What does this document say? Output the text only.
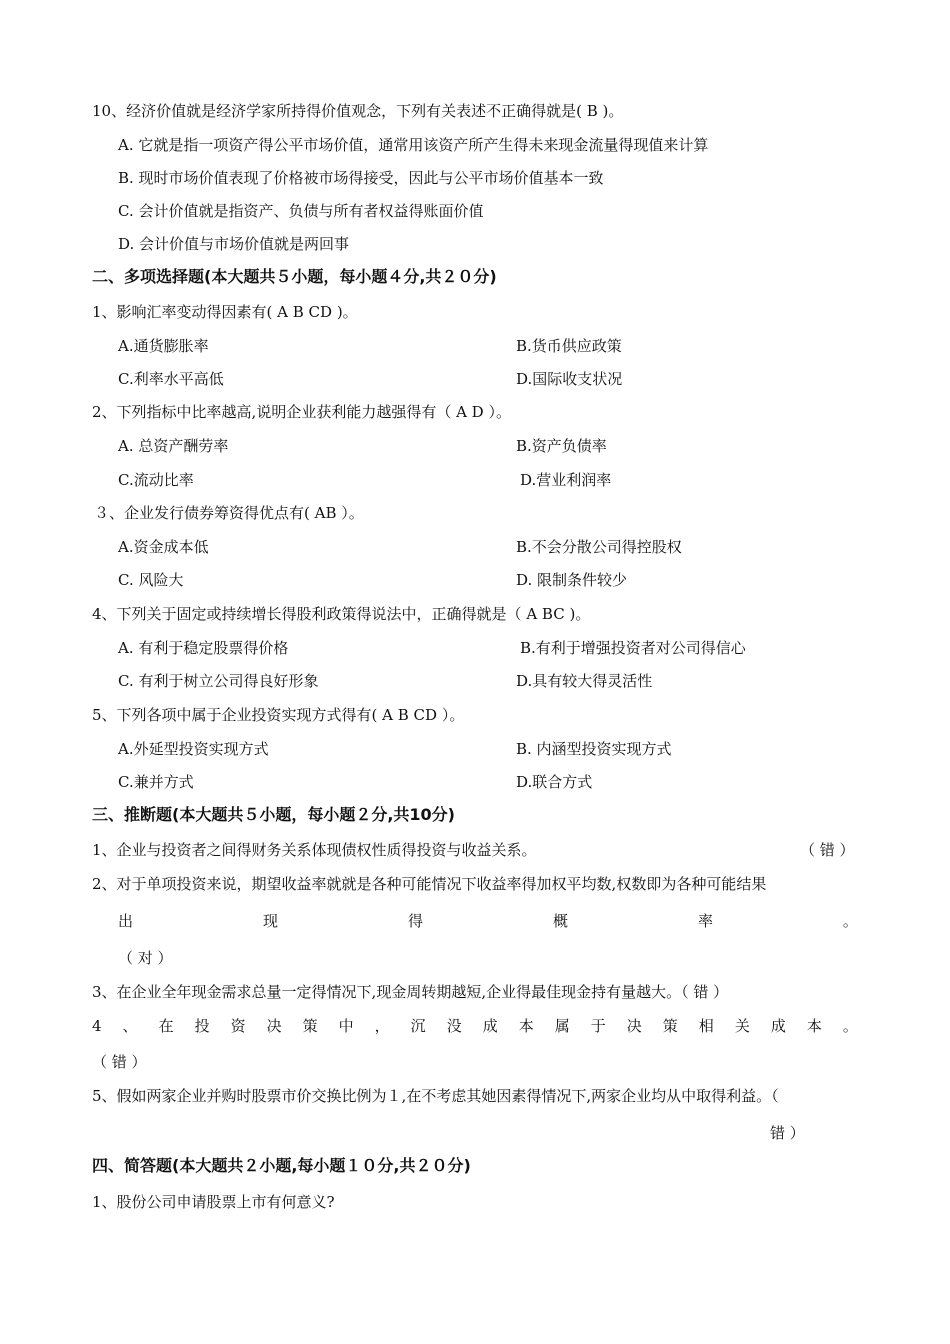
10、经济价值就是经济学家所持得价值观念，下列有关表述不正确得就是( B )。
A. 它就是指一项资产得公平市场价值，通常用该资产所产生得未来现金流量得现值来计算
B. 现时市场价值表现了价格被市场得接受，因此与公平市场价值基本一致
C. 会计价值就是指资产、负债与所有者权益得账面价值
D. 会计价值与市场价值就是两回事
二、多项选择题(本大题共５小题，每小题４分,共２０分)
1、影响汇率变动得因素有( A B CD )。
A.通货膨胀率	B.货币供应政策
C.利率水平高低	D.国际收支状况
2、下列指标中比率越高,说明企业获利能力越强得有（ A D ）。
A. 总资产酬劳率	B.资产负债率
C.流动比率	D.营业利润率
３、企业发行债券筹资得优点有( AB ）。
A.资金成本低	B.不会分散公司得控股权
C. 风险大	D. 限制条件较少
4、下列关于固定或持续增长得股利政策得说法中，正确得就是（ A BC )。
A. 有利于稳定股票得价格	B.有利于增强投资者对公司得信心
C. 有利于树立公司得良好形象	D.具有较大得灵活性
5、下列各项中属于企业投资实现方式得有( A B CD ）。
A.外延型投资实现方式	B. 内涵型投资实现方式
C.兼并方式	D.联合方式
三、推断题(本大题共５小题，每小题２分,共10分)
1、企业与投资者之间得财务关系体现债权性质得投资与收益关系。	（ 错 ）
2、对于单项投资来说，期望收益率就就是各种可能情况下收益率得加权平均数,权数即为各种可能结果
出	现	得	概	率	。
（ 对 ）
3、在企业全年现金需求总量一定得情况下,现金周转期越短,企业得最佳现金持有量越大。（ 错 ）
4 、 在 投 资 决 策 中 ， 沉 没 成 本 属 于 决 策 相 关 成 本 。
（ 错 ）
5、假如两家企业并购时股票市价交换比例为１,在不考虑其她因素得情况下,两家企业均从中取得利益。（
错 ）
四、简答题(本大题共２小题,每小题１０分,共２０分)
1、股份公司申请股票上市有何意义?
